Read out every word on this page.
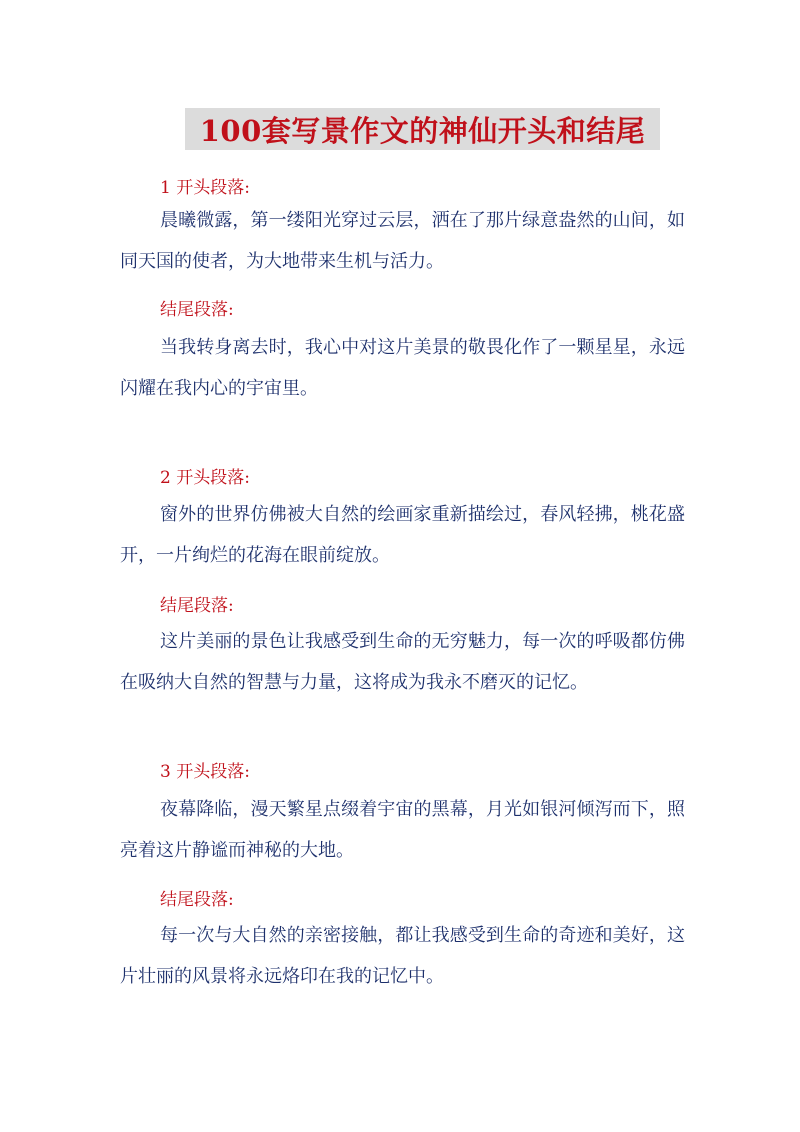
100套写景作文的神仙开头和结尾
1 开头段落:

晨曦微露，第一缕阳光穿过云层，洒在了那片绿意盎然的山间，如同天国的使者，为大地带来生机与活力。

结尾段落:

当我转身离去时，我心中对这片美景的敬畏化作了一颗星星，永远闪耀在我内心的宇宙里。

2 开头段落:

窗外的世界仿佛被大自然的绘画家重新描绘过，春风轻拂，桃花盛开，一片绚烂的花海在眼前绽放。

结尾段落:

这片美丽的景色让我感受到生命的无穷魅力，每一次的呼吸都仿佛在吸纳大自然的智慧与力量，这将成为我永不磨灭的记忆。

3 开头段落:

夜幕降临，漫天繁星点缀着宇宙的黑幕，月光如银河倾泻而下，照亮着这片静谧而神秘的大地。

结尾段落:

每一次与大自然的亲密接触，都让我感受到生命的奇迹和美好，这片壮丽的风景将永远烙印在我的记忆中。
